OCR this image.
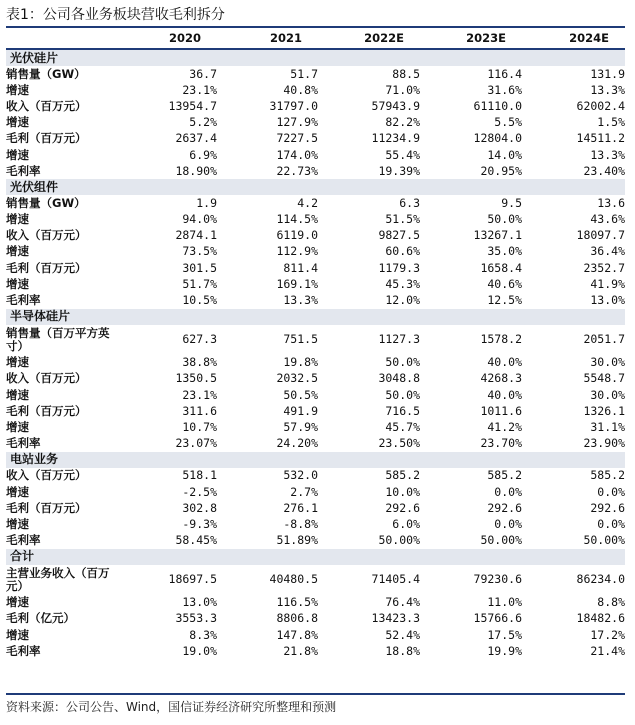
表1：公司各业务板块营收毛利拆分
	2020	2021	2022E	2023E	2024E
光伏硅片					
销售量（GW）	36.7	51.7	88.5	116.4	131.9
增速	23.1%	40.8%	71.0%	31.6%	13.3%
收入（百万元）	13954.7	31797.0	57943.9	61110.0	62002.4
增速	5.2%	127.9%	82.2%	5.5%	1.5%
毛利（百万元）	2637.4	7227.5	11234.9	12804.0	14511.2
增速	6.9%	174.0%	55.4%	14.0%	13.3%
毛利率	18.90%	22.73%	19.39%	20.95%	23.40%
光伏组件					
销售量（GW）	1.9	4.2	6.3	9.5	13.6
增速	94.0%	114.5%	51.5%	50.0%	43.6%
收入（百万元）	2874.1	6119.0	9827.5	13267.1	18097.7
增速	73.5%	112.9%	60.6%	35.0%	36.4%
毛利（百万元）	301.5	811.4	1179.3	1658.4	2352.7
增速	51.7%	169.1%	45.3%	40.6%	41.9%
毛利率	10.5%	13.3%	12.0%	12.5%	13.0%
半导体硅片					
销售量（百万平方英寸）	627.3	751.5	1127.3	1578.2	2051.7
增速	38.8%	19.8%	50.0%	40.0%	30.0%
收入（百万元）	1350.5	2032.5	3048.8	4268.3	5548.7
增速	23.1%	50.5%	50.0%	40.0%	30.0%
毛利（百万元）	311.6	491.9	716.5	1011.6	1326.1
增速	10.7%	57.9%	45.7%	41.2%	31.1%
毛利率	23.07%	24.20%	23.50%	23.70%	23.90%
电站业务					
收入（百万元）	518.1	532.0	585.2	585.2	585.2
增速	-2.5%	2.7%	10.0%	0.0%	0.0%
毛利（百万元）	302.8	276.1	292.6	292.6	292.6
增速	-9.3%	-8.8%	6.0%	0.0%	0.0%
毛利率	58.45%	51.89%	50.00%	50.00%	50.00%
合计					
主营业务收入（百万元）	18697.5	40480.5	71405.4	79230.6	86234.0
增速	13.0%	116.5%	76.4%	11.0%	8.8%
毛利（亿元）	3553.3	8806.8	13423.3	15766.6	18482.6
增速	8.3%	147.8%	52.4%	17.5%	17.2%
毛利率	19.0%	21.8%	18.8%	19.9%	21.4%
资料来源：公司公告、Wind，国信证券经济研究所整理和预测
